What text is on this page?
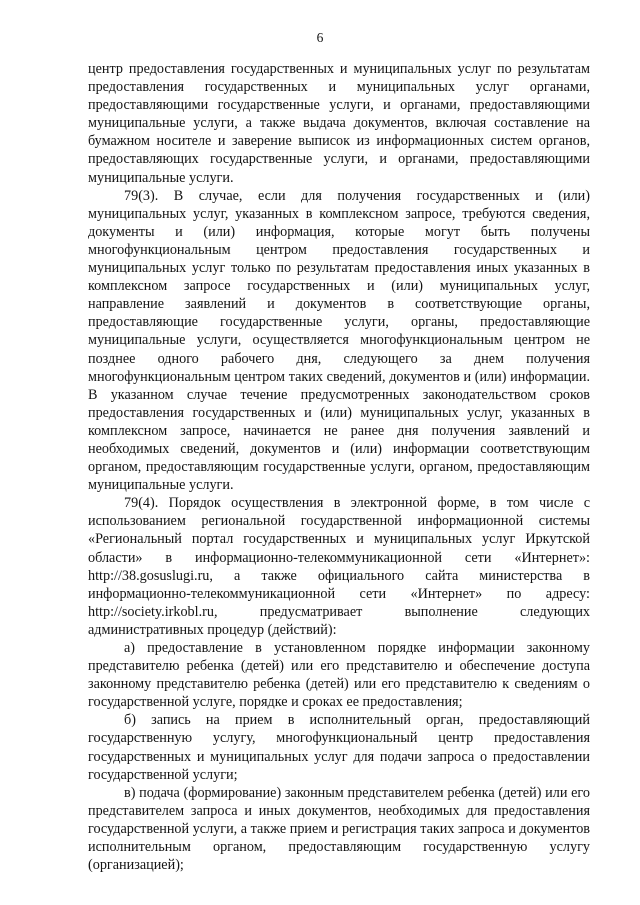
6

центр предоставления государственных и муниципальных услуг по результатам предоставления государственных и муниципальных услуг органами, предоставляющими государственные услуги, и органами, предоставляющими муниципальные услуги, а также выдача документов, включая составление на бумажном носителе и заверение выписок из информационных систем органов, предоставляющих государственные услуги, и органами, предоставляющими муниципальные услуги.

79(3). В случае, если для получения государственных и (или) муниципальных услуг, указанных в комплексном запросе, требуются сведения, документы и (или) информация, которые могут быть получены многофункциональным центром предоставления государственных и муниципальных услуг только по результатам предоставления иных указанных в комплексном запросе государственных и (или) муниципальных услуг, направление заявлений и документов в соответствующие органы, предоставляющие государственные услуги, органы, предоставляющие муниципальные услуги, осуществляется многофункциональным центром не позднее одного рабочего дня, следующего за днем получения многофункциональным центром таких сведений, документов и (или) информации. В указанном случае течение предусмотренных законодательством сроков предоставления государственных и (или) муниципальных услуг, указанных в комплексном запросе, начинается не ранее дня получения заявлений и необходимых сведений, документов и (или) информации соответствующим органом, предоставляющим государственные услуги, органом, предоставляющим муниципальные услуги.

79(4). Порядок осуществления в электронной форме, в том числе с использованием региональной государственной информационной системы «Региональный портал государственных и муниципальных услуг Иркутской области» в информационно-телекоммуникационной сети «Интернет»: http://38.gosuslugi.ru, а также официального сайта министерства в информационно-телекоммуникационной сети «Интернет» по адресу: http://society.irkobl.ru, предусматривает выполнение следующих административных процедур (действий):

а) предоставление в установленном порядке информации законному представителю ребенка (детей) или его представителю и обеспечение доступа законному представителю ребенка (детей) или его представителю к сведениям о государственной услуге, порядке и сроках ее предоставления;

б) запись на прием в исполнительный орган, предоставляющий государственную услугу, многофункциональный центр предоставления государственных и муниципальных услуг для подачи запроса о предоставлении государственной услуги;

в) подача (формирование) законным представителем ребенка (детей) или его представителем запроса и иных документов, необходимых для предоставления государственной услуги, а также прием и регистрация таких запроса и документов исполнительным органом, предоставляющим государственную услугу (организацией);
